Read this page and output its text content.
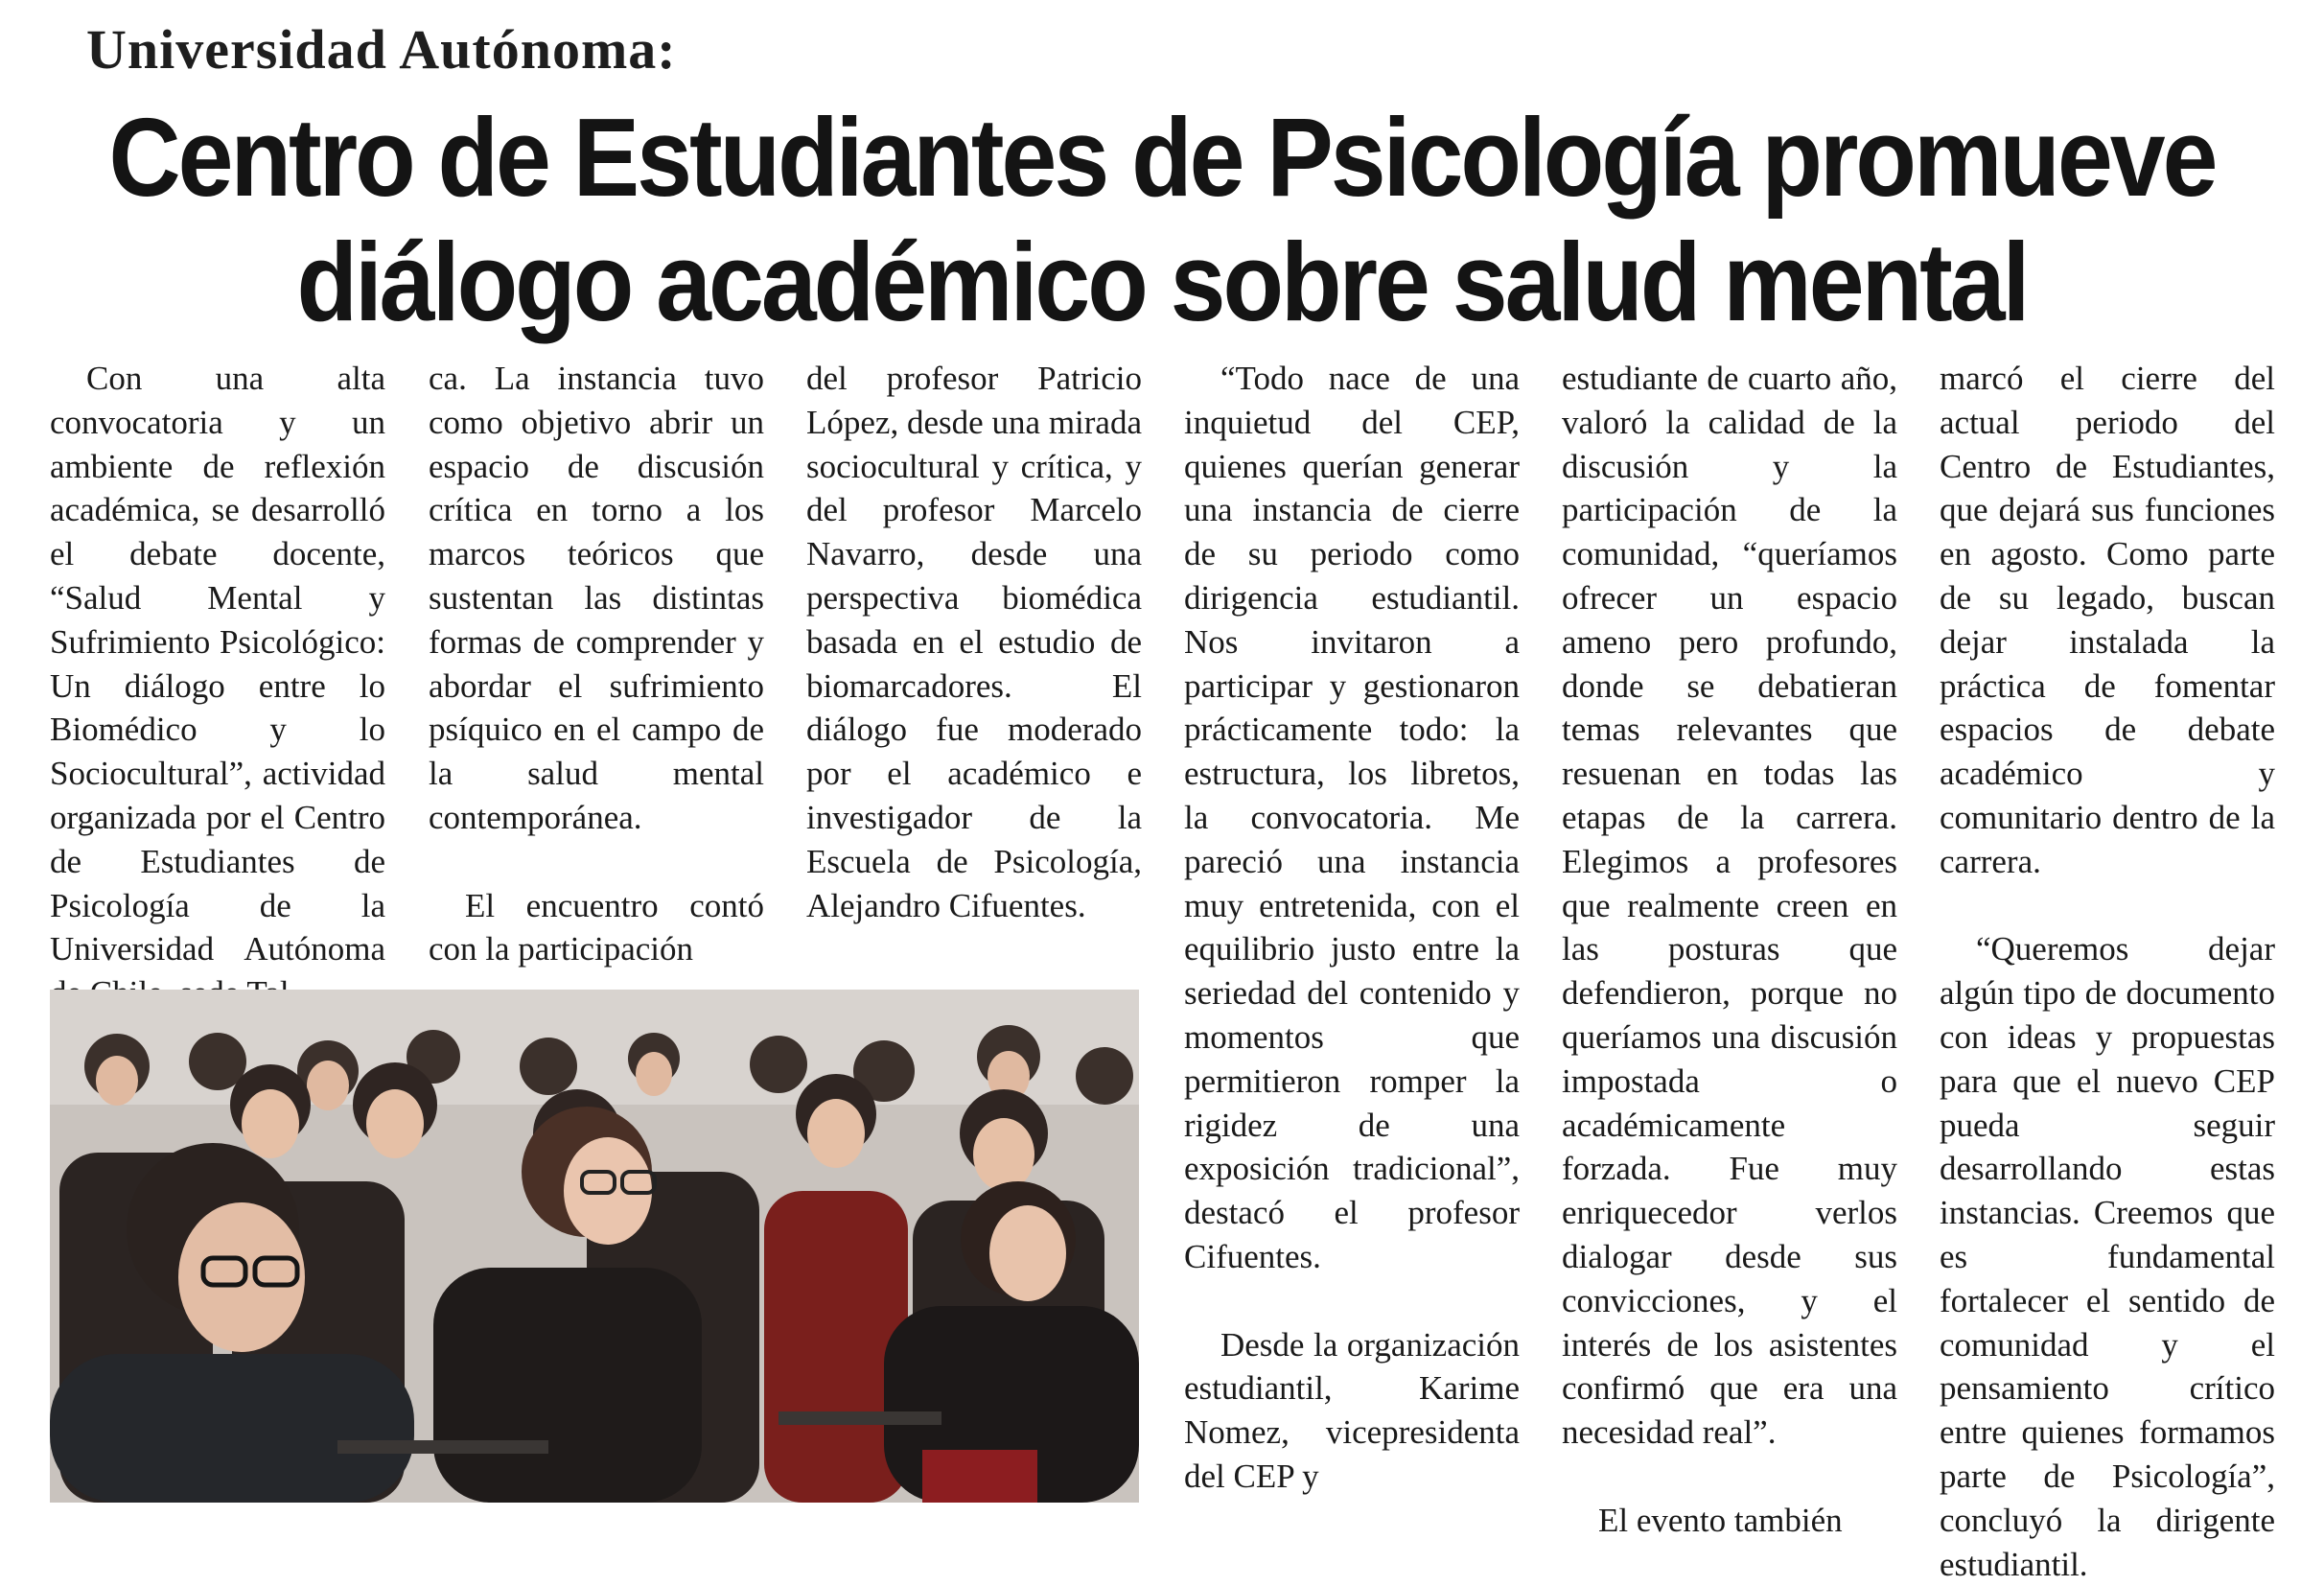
Universidad Autónoma:
Centro de Estudiantes de Psicología promueve
diálogo académico sobre salud mental

Con una alta convocatoria y un ambiente de reflexión académica, se desarrolló el debate docente, “Salud Mental y Sufrimiento Psicológico: Un diálogo entre lo Biomédico y lo Sociocultural”, actividad organizada por el Centro de Estudiantes de Psicología de la Universidad Autónoma

ca. La instancia tuvo como objetivo abrir un espacio de discusión crítica en torno a los marcos teóricos que sustentan las distintas formas de comprender y abordar el sufrimiento psíquico en el campo de la salud mental contemporánea.

El encuentro contó con la participación

del profesor Patricio López, desde una mirada sociocultural y crítica, y del profesor Marcelo Navarro, desde una perspectiva biomédica basada en el estudio de biomarcadores. El diálogo fue moderado por el académico e investigador de la Escuela de Psicología, Alejandro Cifuentes.

“Todo nace de una inquietud del CEP, quienes querían generar una instancia de cierre de su periodo como dirigencia estudiantil. Nos invitaron a participar y gestionaron prácticamente todo: la estructura, los libretos, la convocatoria. Me pareció una instancia muy entretenida, con el equilibrio justo entre la seriedad del contenido y momentos que permitieron romper la rigidez de una exposición tradicional”, destacó el profesor Cifuentes.

Desde la organización estudiantil, Karime Nomez, vicepresidenta del CEP y

estudiante de cuarto año, valoró la calidad de la discusión y la participación de la comunidad, “queríamos ofrecer un espacio ameno pero profundo, donde se debatieran temas relevantes que resuenan en todas las etapas de la carrera. Elegimos a profesores que realmente creen en las posturas que defendieron, porque no queríamos una discusión impostada o académicamente forzada. Fue muy enriquecedor verlos dialogar desde sus convicciones, y el interés de los asistentes confirmó que era una necesidad real”.

El evento también

marcó el cierre del actual periodo del Centro de Estudiantes, que dejará sus funciones en agosto. Como parte de su legado, buscan dejar instalada la práctica de fomentar espacios de debate académico y comunitario dentro de la carrera.

“Queremos dejar algún tipo de documento con ideas y propuestas para que el nuevo CEP pueda seguir desarrollando estas instancias. Creemos que es fundamental fortalecer el sentido de comunidad y el pensamiento crítico entre quienes formamos parte de Psicología”, concluyó la dirigente estudiantil.
